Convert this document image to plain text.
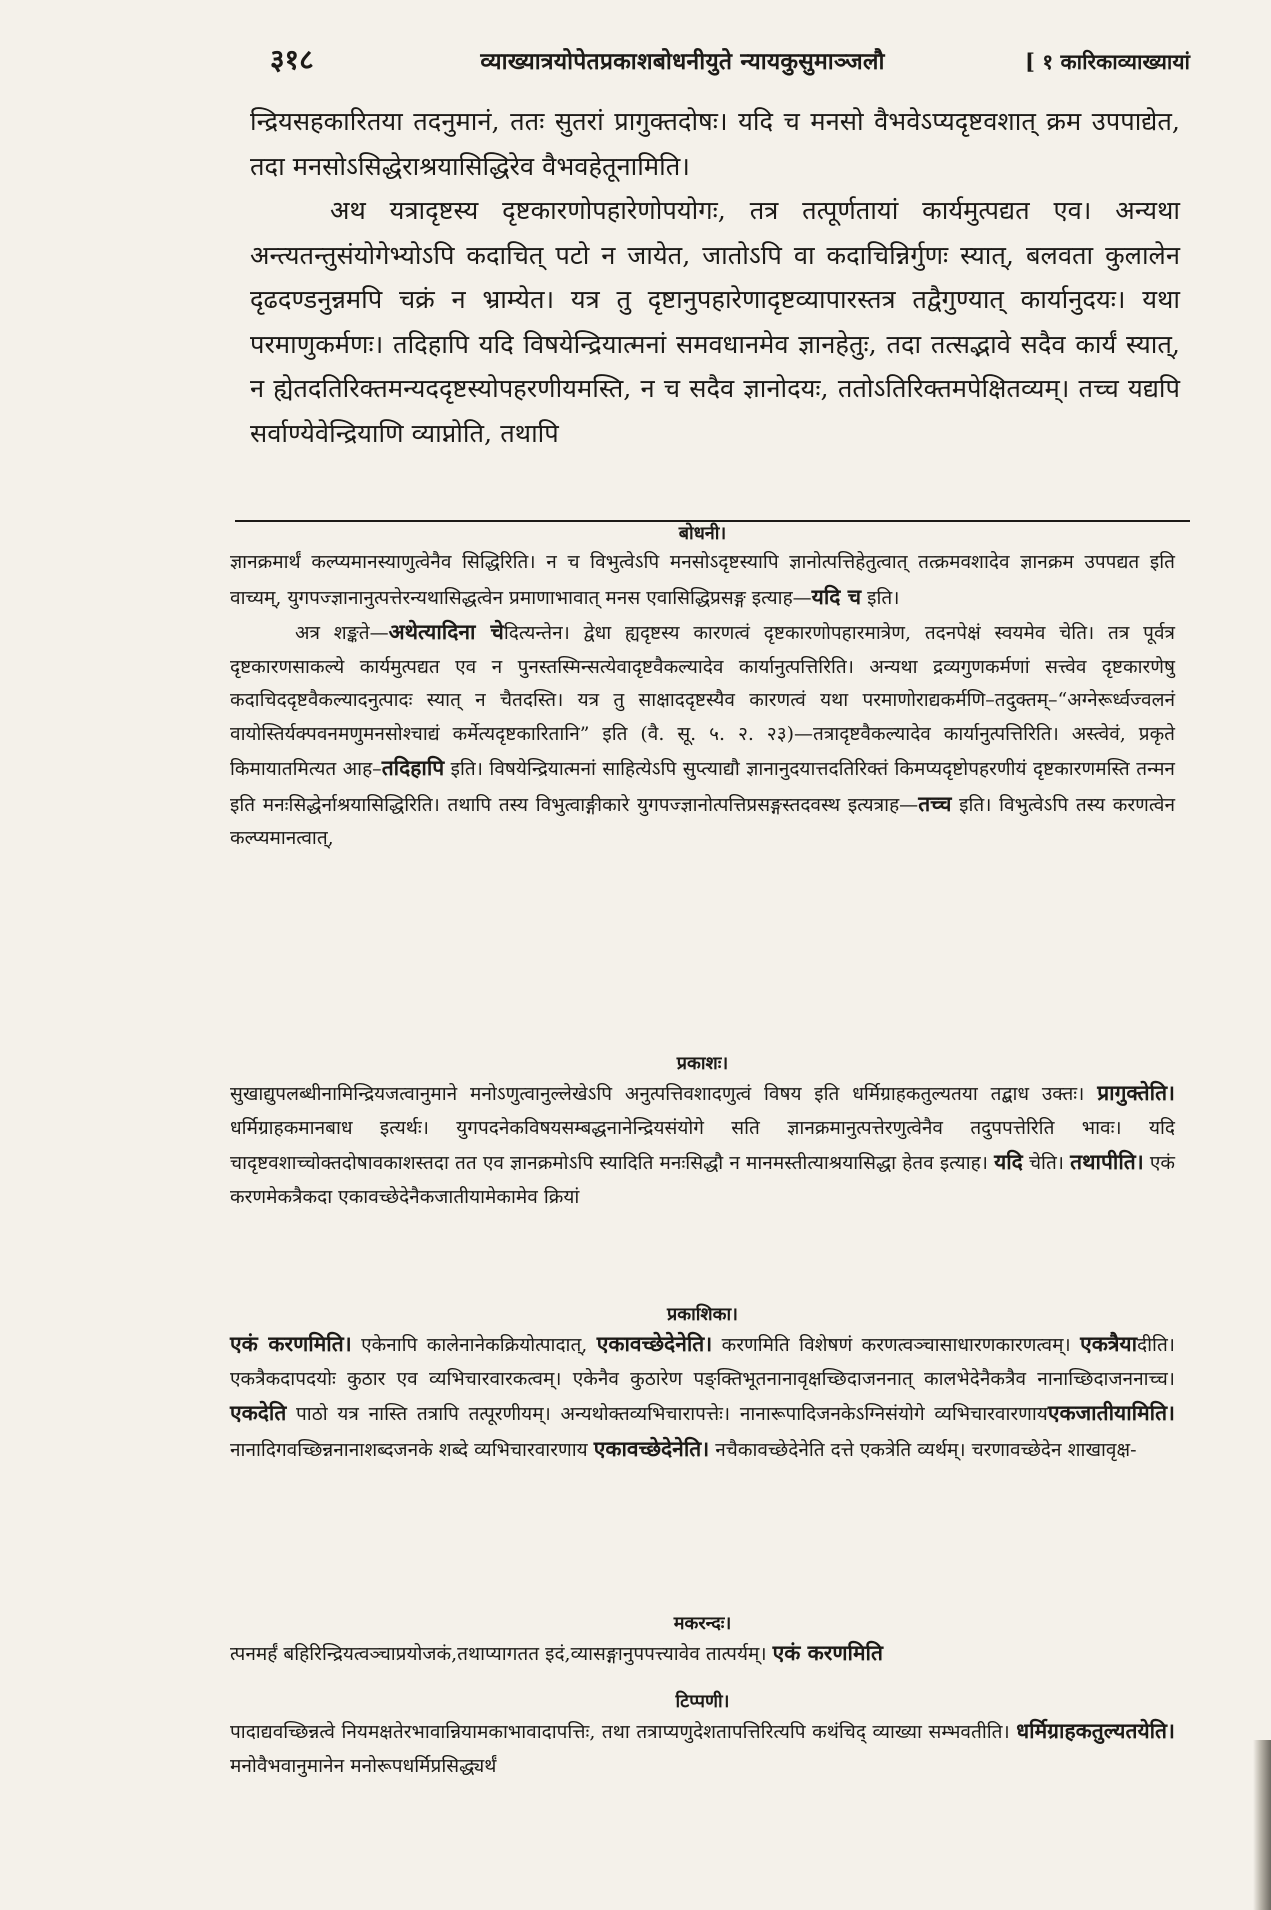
३१८	व्याख्यात्रयोपेतप्रकाशबोधनीयुते न्यायकुसुमाञ्जलौ	[ १ कारिकाव्याख्यायां

न्द्रियसहकारितया तदनुमानं, ततः सुतरां प्रागुक्तदोषः। यदि च मनसो वैभवेऽप्यदृष्टवशात् क्रम उपपाद्येत, तदा मनसोऽसिद्धेराश्रयासिद्धिरेव वैभवहेतूनामिति।

अथ यत्रादृष्टस्य दृष्टकारणोपहारेणोपयोगः, तत्र तत्पूर्णतायां कार्यमुत्पद्यत एव। अन्यथा अन्त्यतन्तुसंयोगेभ्योऽपि कदाचित् पटो न जायेत, जातोऽपि वा कदाचिन्निर्गुणः स्यात्, बलवता कुलालेन दृढदण्डनुन्नमपि चक्रं न भ्राम्येत। यत्र तु दृष्टानुपहारेणादृष्टव्यापारस्तत्र तद्वैगुण्यात् कार्यानुदयः। यथा परमाणुकर्मणः। तदिहापि यदि विषयेन्द्रियात्मनां समवधानमेव ज्ञानहेतुः, तदा तत्सद्भावे सदैव कार्यं स्यात्, न ह्येतदतिरिक्तमन्यददृष्टस्योपहरणीयमस्ति, न च सदैव ज्ञानोदयः, ततोऽतिरिक्तमपेक्षितव्यम्। तच्च यद्यपि सर्वाण्येवेन्द्रियाणि व्याप्नोति, तथापि

बोधनी।

ज्ञानक्रमार्थं कल्प्यमानस्याणुत्वेनैव सिद्धिरिति। न च विभुत्वेऽपि मनसोऽदृष्टस्यापि ज्ञानोत्पत्तिहेतुत्वात् तत्क्रमवशादेव ज्ञानक्रम उपपद्यत इति वाच्यम्, युगपज्ज्ञानानुत्पत्तेरन्यथासिद्धत्वेन प्रमाणाभावात् मनस एवासिद्धिप्रसङ्ग इत्याह—यदि च इति।

अत्र शङ्कते—अथेत्यादिना चेदित्यन्तेन। द्वेधा ह्यदृष्टस्य कारणत्वं दृष्टकारणोपहारमात्रेण, तदनपेक्षं स्वयमेव चेति। तत्र पूर्वत्र दृष्टकारणसाकल्ये कार्यमुत्पद्यत एव न पुनस्तस्मिन्सत्येवादृष्टवैकल्यादेव कार्यानुत्पत्तिरिति। अन्यथा द्रव्यगुणकर्मणां सत्त्वेव दृष्टकारणेषु कदाचिददृष्टवैकल्यादनुत्पादः स्यात् न चैतदस्ति। यत्र तु साक्षाददृष्टस्यैव कारणत्वं यथा परमाणोराद्यकर्मणि–तदुक्तम्–“अग्नेरूर्ध्वज्वलनं वायोस्तिर्यक्पवनमणुमनसोश्चाद्यं कर्मेत्यदृष्टकारितानि” इति (वै. सू. ५. २. २३)—तत्रादृष्टवैकल्यादेव कार्यानुत्पत्तिरिति। अस्त्वेवं, प्रकृते किमायातमित्यत आह–तदिहापि इति। विषयेन्द्रियात्मनां साहित्येऽपि सुप्त्याद्यौ ज्ञानानुदयात्तदतिरिक्तं किमप्यदृष्टोपहरणीयं दृष्टकारणमस्ति तन्मन इति मनःसिद्धेर्नाश्रयासिद्धिरिति। तथापि तस्य विभुत्वाङ्गीकारे युगपज्ज्ञानोत्पत्तिप्रसङ्गस्तदवस्थ इत्यत्राह—तच्च इति। विभुत्वेऽपि तस्य करणत्वेन कल्प्यमानत्वात्,

प्रकाशः।

सुखाद्युपलब्धीनामिन्द्रियजत्वानुमाने मनोऽणुत्वानुल्लेखेऽपि अनुत्पत्तिवशादणुत्वं विषय इति धर्मिग्राहकतुल्यतया तद्बाध उक्तः। प्रागुक्तेति। धर्मिग्राहकमानबाध इत्यर्थः। युगपदनेकविषयसम्बद्धनानेन्द्रियसंयोगे सति ज्ञानक्रमानुत्पत्तेरणुत्वेनैव तदुपपत्तेरिति भावः। यदि चादृष्टवशाच्चोक्तदोषावकाशस्तदा तत एव ज्ञानक्रमोऽपि स्यादिति मनःसिद्धौ न मानमस्तीत्याश्रयासिद्धा हेतव इत्याह। यदि चेति। तथापीति। एकं करणमेकत्रैकदा एकावच्छेदेनैकजातीयामेकामेव क्रियां

प्रकाशिका।

एकं करणमिति। एकेनापि कालेनानेकक्रियोत्पादात्, एकावच्छेदेनेति। करणमिति विशेषणं करणत्वञ्चासाधारणकारणत्वम्। एकत्रैयादीति। एकत्रैकदापदयोः कुठार एव व्यभिचारवारकत्वम्। एकेनैव कुठारेण पङ्क्तिभूतनानावृक्षच्छिदाजननात् कालभेदेनैकत्रैव नानाच्छिदाजननाच्च। एकदेति पाठो यत्र नास्ति तत्रापि तत्पूरणीयम्। अन्यथोक्तव्यभिचारापत्तेः। नानारूपादिजनकेऽग्निसंयोगे व्यभिचारवारणायएकजातीयामिति। नानादिगवच्छिन्ननानाशब्दजनके शब्दे व्यभिचारवारणाय एकावच्छेदेनेति। नचैकावच्छेदेनेति दत्ते एकत्रेति व्यर्थम्। चरणावच्छेदेन शाखावृक्ष-

मकरन्दः।

त्पनमर्हं बहिरिन्द्रियत्वञ्चाप्रयोजकं,तथाप्यागतत इदं,व्यासङ्गानुपपत्त्यावेव तात्पर्यम्। एकं करणमिति

टिप्पणी।

पादाद्यवच्छिन्नत्वे नियमक्षतेरभावान्नियामकाभावादापत्तिः, तथा तत्राप्यणुदेशतापत्तिरित्यपि कथंचिद् व्याख्या सम्भवतीति। धर्मिग्राहकतुल्यतयेति। मनोवैभवानुमानेन मनोरूपधर्मिप्रसिद्ध्यर्थं
